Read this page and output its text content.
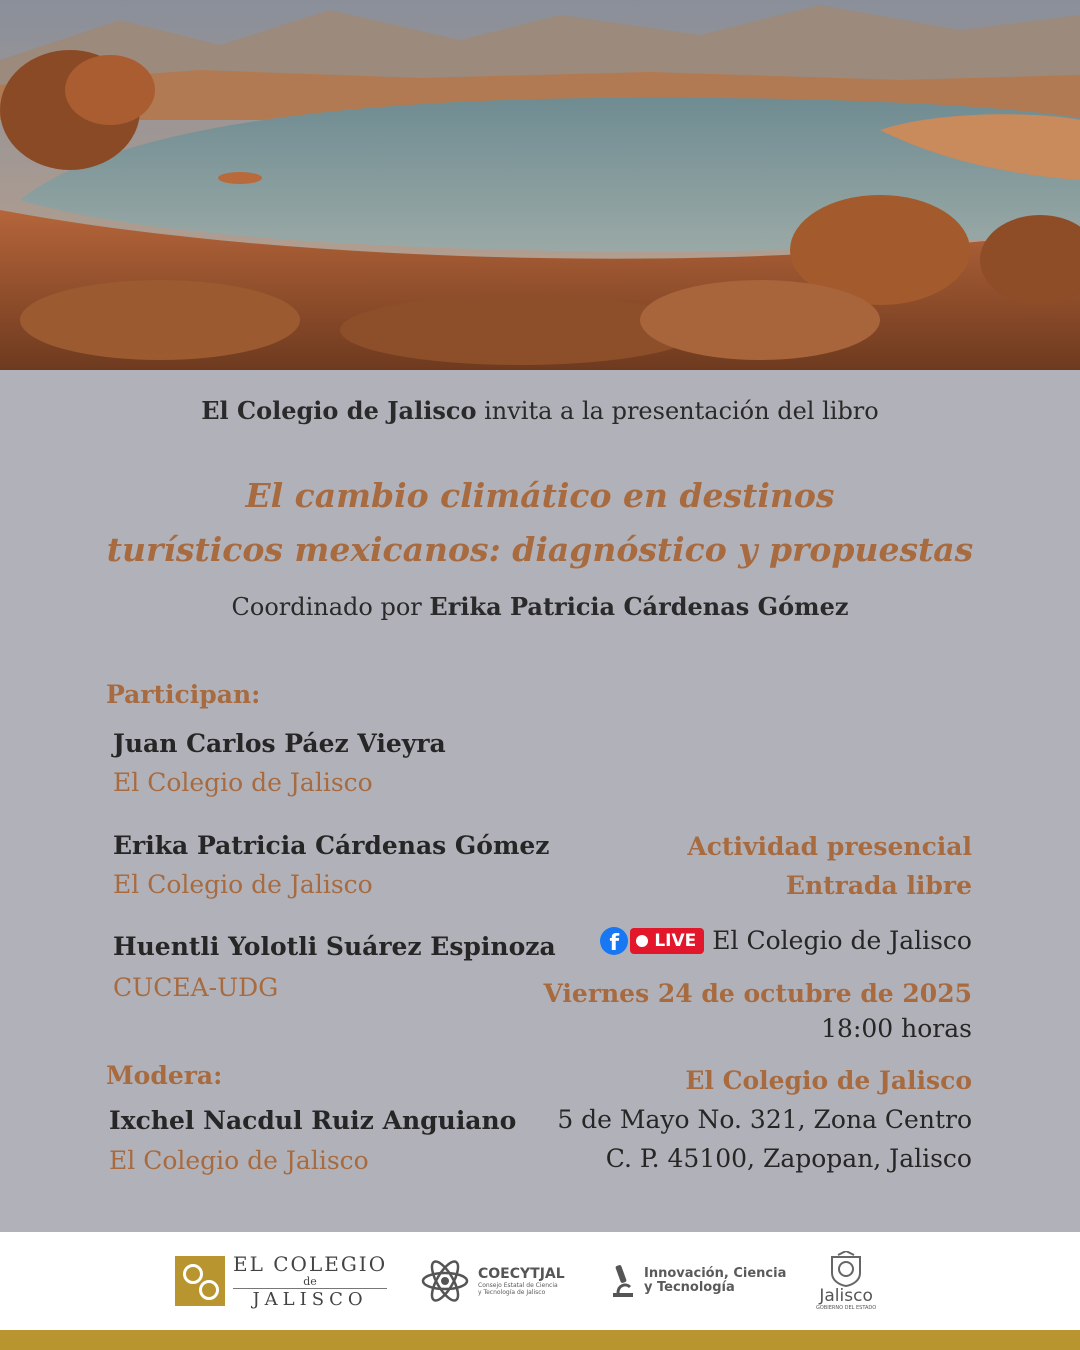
El Colegio de Jalisco invita a la presentación del libro
El cambio climático en destinos
turísticos mexicanos: diagnóstico y propuestas
Coordinado por Erika Patricia Cárdenas Gómez
Participan:
Juan Carlos Páez Vieyra
El Colegio de Jalisco
Erika Patricia Cárdenas Gómez
El Colegio de Jalisco
Huentli Yolotli Suárez Espinoza
CUCEA-UDG
Modera:
Ixchel Nacdul Ruiz Anguiano
El Colegio de Jalisco
Actividad presencial
Entrada libre
f	LIVE El Colegio de Jalisco
Viernes 24 de octubre de 2025
18:00 horas
El Colegio de Jalisco
5 de Mayo No. 321, Zona Centro
C. P. 45100, Zapopan, Jalisco
EL COLEGIO
de
JALISCO
COECYTJAL
Consejo Estatal de Ciencia
y Tecnología de Jalisco
Innovación, Ciencia
y Tecnología	Jalisco
GOBIERNO DEL ESTADO
